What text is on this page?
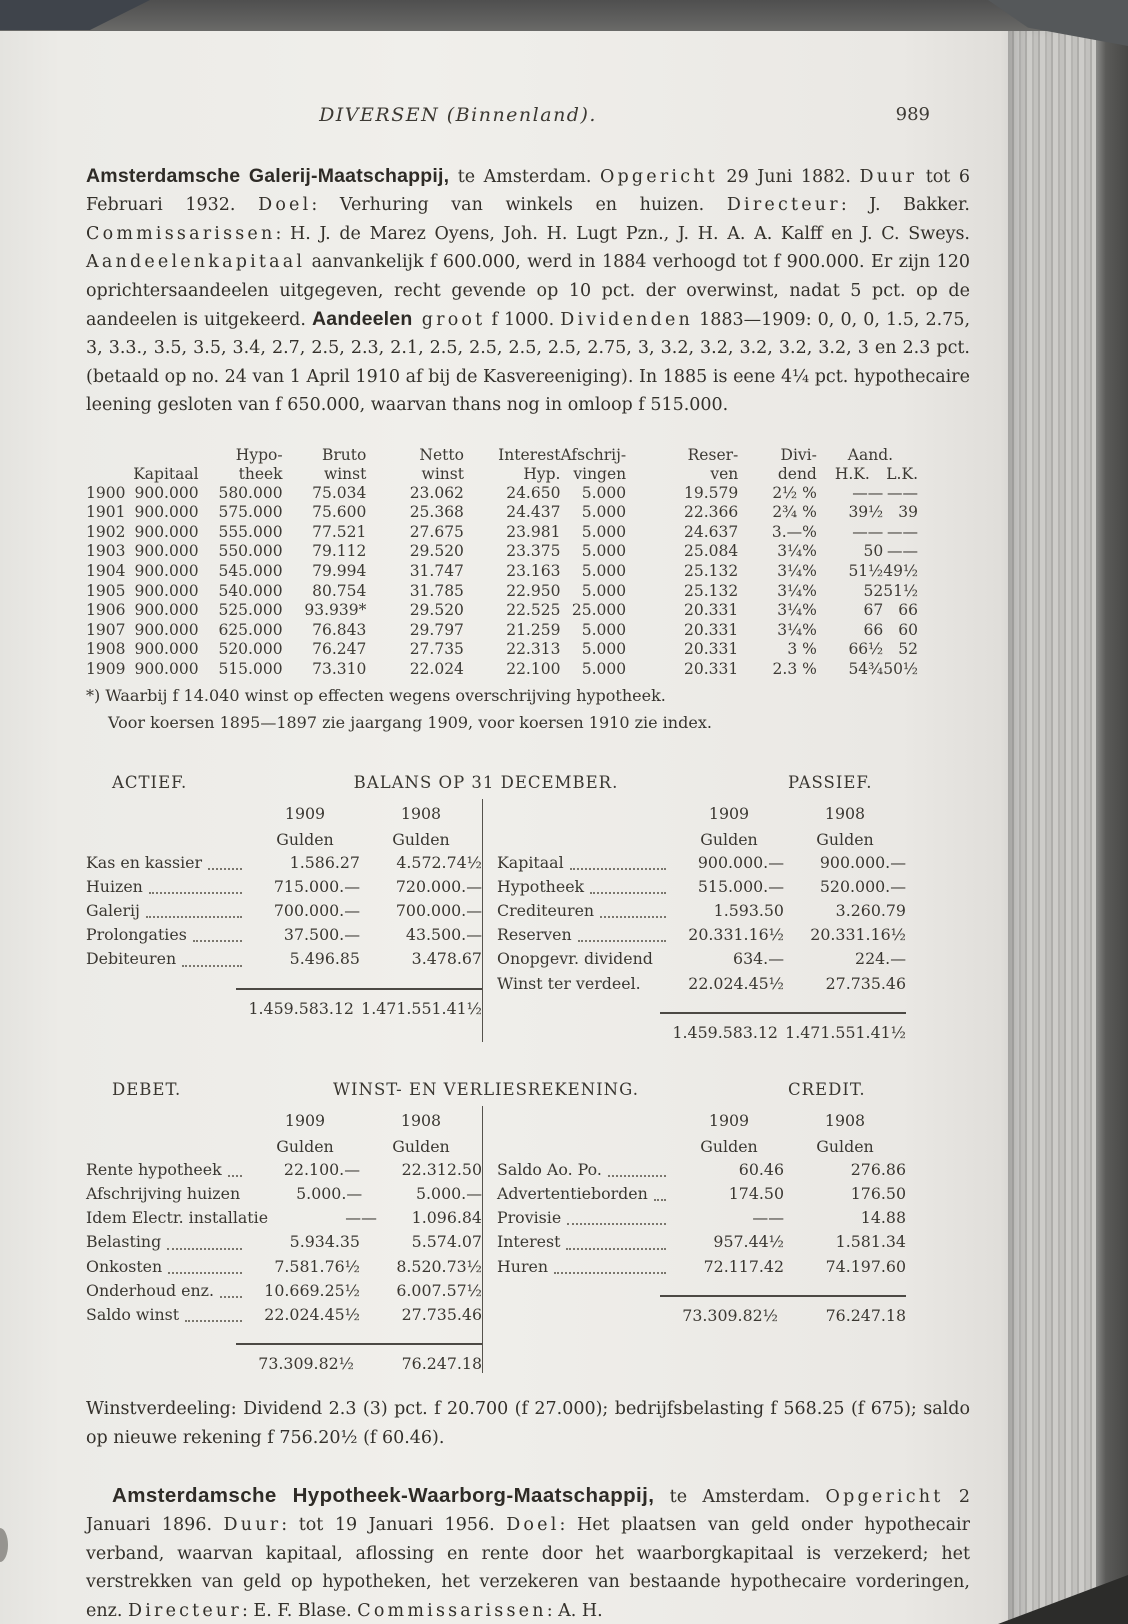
DIVERSEN (Binnenland).	989

Amsterdamsche Galerij-Maatschappij, te Amsterdam. Opgericht 29 Juni 1882. Duur tot 6 Februari 1932. Doel: Verhuring van winkels en huizen. Directeur: J. Bakker. Commissarissen: H. J. de Marez Oyens, Joh. H. Lugt Pzn., J. H. A. A. Kalff en J. C. Sweys. Aandeelenkapitaal aanvankelijk f 600.000, werd in 1884 verhoogd tot f 900.000. Er zijn 120 oprichtersaandeelen uitgegeven, recht gevende op 10 pct. der overwinst, nadat 5 pct. op de aandeelen is uitgekeerd. Aandeelen groot f 1000. Dividenden 1883—1909: 0, 0, 0, 1.5, 2.75, 3, 3.3., 3.5, 3.5, 3.4, 2.7, 2.5, 2.3, 2.1, 2.5, 2.5, 2.5, 2.5, 2.75, 3, 3.2, 3.2, 3.2, 3.2, 3.2, 3 en 2.3 pct. (betaald op no. 24 van 1 April 1910 af bij de Kasvereeniging). In 1885 is eene 4¼ pct. hypothecaire leening gesloten van f 650.000, waarvan thans nog in omloop f 515.000.

		Hypo-	Bruto	Netto	Interest	Afschrij-	Reser-	Divi-	Aand.	
	Kapitaal	theek	winst	winst	Hyp.	vingen	ven	dend	H.K. L.K.	

1900	900.000	580.000	75.034	23.062	24.650	5.000	19.579	2½ %	——	——
1901	900.000	575.000	75.600	25.368	24.437	5.000	22.366	2¾ %	39½	39
1902	900.000	555.000	77.521	27.675	23.981	5.000	24.637	3.—%	——	——
1903	900.000	550.000	79.112	29.520	23.375	5.000	25.084	3¼%	50	——
1904	900.000	545.000	79.994	31.747	23.163	5.000	25.132	3¼%	51½	49½
1905	900.000	540.000	80.754	31.785	22.950	5.000	25.132	3¼%	52	51½
1906	900.000	525.000	93.939*	29.520	22.525	25.000	20.331	3¼%	67	66
1907	900.000	625.000	76.843	29.797	21.259	5.000	20.331	3¼%	66	60
1908	900.000	520.000	76.247	27.735	22.313	5.000	20.331	3 %	66½	52
1909	900.000	515.000	73.310	22.024	22.100	5.000	20.331	2.3 %	54¾	50½

*) Waarbij f 14.040 winst op effecten wegens overschrijving hypotheek.

Voor koersen 1895—1897 zie jaargang 1909, voor koersen 1910 zie index.

ACTIEF.	BALANS OP 31 DECEMBER.	PASSIEF.
1909	1908
Gulden	Gulden
Kas en kassier	1.586.27	4.572.74½
Huizen	715.000.—	720.000.—
Galerij	700.000.—	700.000.—
Prolongaties	37.500.—	43.500.—
Debiteuren	5.496.85	3.478.67
1.459.583.12 1.471.551.41½
1909	1908
Gulden	Gulden
Kapitaal	900.000.—	900.000.—
Hypotheek	515.000.—	520.000.—
Crediteuren	1.593.50	3.260.79
Reserven	20.331.16½	20.331.16½
Onopgevr. dividend	634.—	224.—
Winst ter verdeel.	22.024.45½	27.735.46
1.459.583.12 1.471.551.41½
DEBET.	WINST- EN VERLIESREKENING.	CREDIT.
1909	1908
Gulden	Gulden
Rente hypotheek	22.100.—	22.312.50
Afschrijving huizen	5.000.—	5.000.—
Idem Electr. installatie	——	1.096.84
Belasting	5.934.35	5.574.07
Onkosten	7.581.76½	8.520.73½
Onderhoud enz.	10.669.25½	6.007.57½
Saldo winst	22.024.45½	27.735.46
73.309.82½	76.247.18
1909	1908
Gulden	Gulden
Saldo Ao. Po.	60.46	276.86
Advertentieborden	174.50	176.50
Provisie	——	14.88
Interest	957.44½	1.581.34
Huren	72.117.42	74.197.60
73.309.82½	76.247.18

Winstverdeeling: Dividend 2.3 (3) pct. f 20.700 (f 27.000); bedrijfsbelasting f 568.25 (f 675); saldo op nieuwe rekening f 756.20½ (f 60.46).

Amsterdamsche Hypotheek-Waarborg-Maatschappij, te Amsterdam. Opgericht 2 Januari 1896. Duur: tot 19 Januari 1956. Doel: Het plaatsen van geld onder hypothecair verband, waarvan kapitaal, aflossing en rente door het waarborgkapitaal is verzekerd; het verstrekken van geld op hypotheken, het verzekeren van bestaande hypothecaire vorderingen, enz. Directeur: E. F. Blase. Commissarissen: A. H.
